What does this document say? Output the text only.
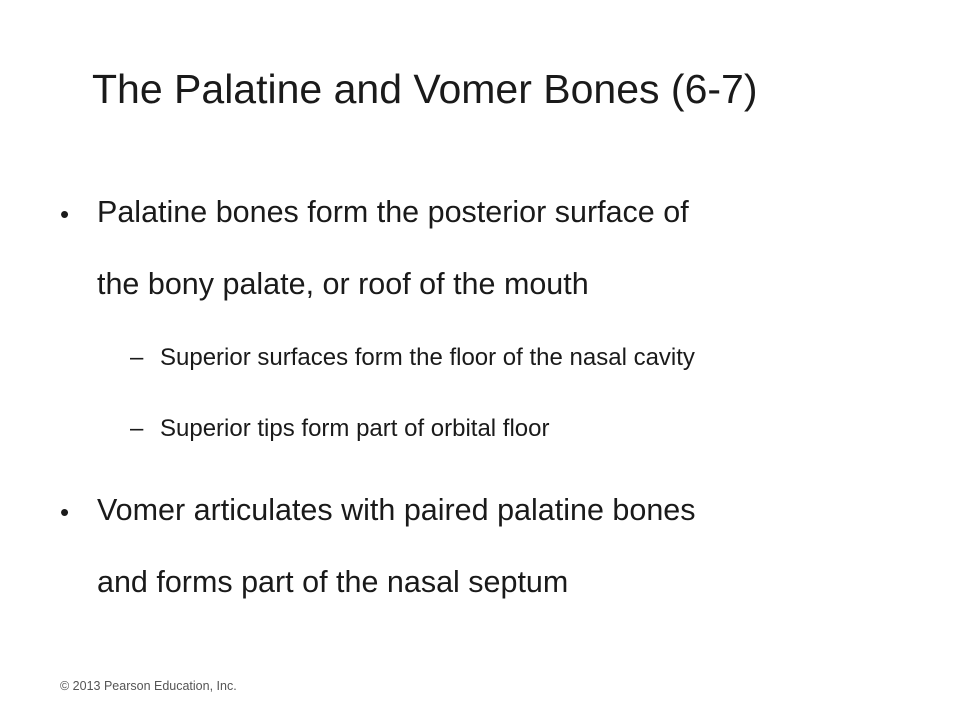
The Palatine and Vomer Bones (6-7)
• Palatine bones form the posterior surface of
the bony palate, or roof of the mouth
– Superior surfaces form the floor of the nasal cavity
– Superior tips form part of orbital floor
• Vomer articulates with paired palatine bones
and forms part of the nasal septum
© 2013 Pearson Education, Inc.
